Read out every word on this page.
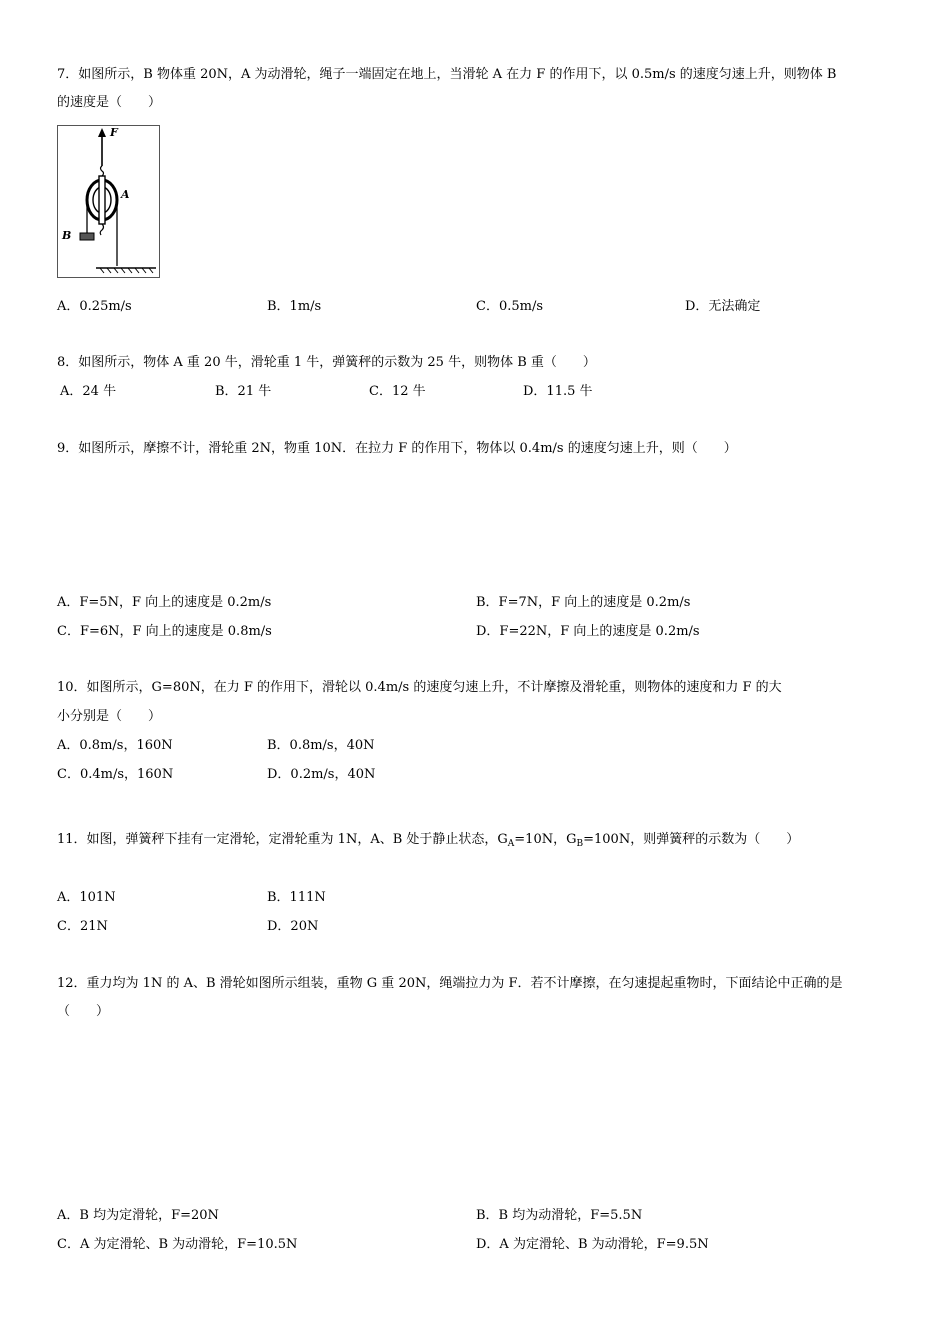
7．如图所示，B 物体重 20N，A 为动滑轮，绳子一端固定在地上，当滑轮 A 在力 F 的作用下，以 0.5m/s 的速度匀速上升，则物体 B
的速度是（　　）
F
A
B
A．0.25m/s	B．1m/s	C．0.5m/s	D．无法确定
8．如图所示，物体 A 重 20 牛，滑轮重 1 牛，弹簧秤的示数为 25 牛，则物体 B 重（　　）
A．24 牛	B．21 牛	C．12 牛	D．11.5 牛
9．如图所示，摩擦不计，滑轮重 2N，物重 10N．在拉力 F 的作用下，物体以 0.4m/s 的速度匀速上升，则（　　）
A．F=5N，F 向上的速度是 0.2m/s	B．F=7N，F 向上的速度是 0.2m/s
C．F=6N，F 向上的速度是 0.8m/s	D．F=22N，F 向上的速度是 0.2m/s
10．如图所示，G=80N，在力 F 的作用下，滑轮以 0.4m/s 的速度匀速上升，不计摩擦及滑轮重，则物体的速度和力 F 的大
小分别是（　　）
A．0.8m/s，160N	B．0.8m/s，40N
C．0.4m/s，160N	D．0.2m/s，40N
11．如图，弹簧秤下挂有一定滑轮，定滑轮重为 1N，A、B 处于静止状态，$G_A=10N$，$G_B=100N$，则弹簧秤的示数为（　　）
A．101N	B．111N
C．21N	D．20N
12．重力均为 1N 的 A、B 滑轮如图所示组装，重物 G 重 20N，绳端拉力为 F．若不计摩擦，在匀速提起重物时，下面结论中正确的是
（　　）
A．B 均为定滑轮，F=20N	B．B 均为动滑轮，F=5.5N
C．A 为定滑轮、B 为动滑轮，F=10.5N	D．A 为定滑轮、B 为动滑轮，F=9.5N
